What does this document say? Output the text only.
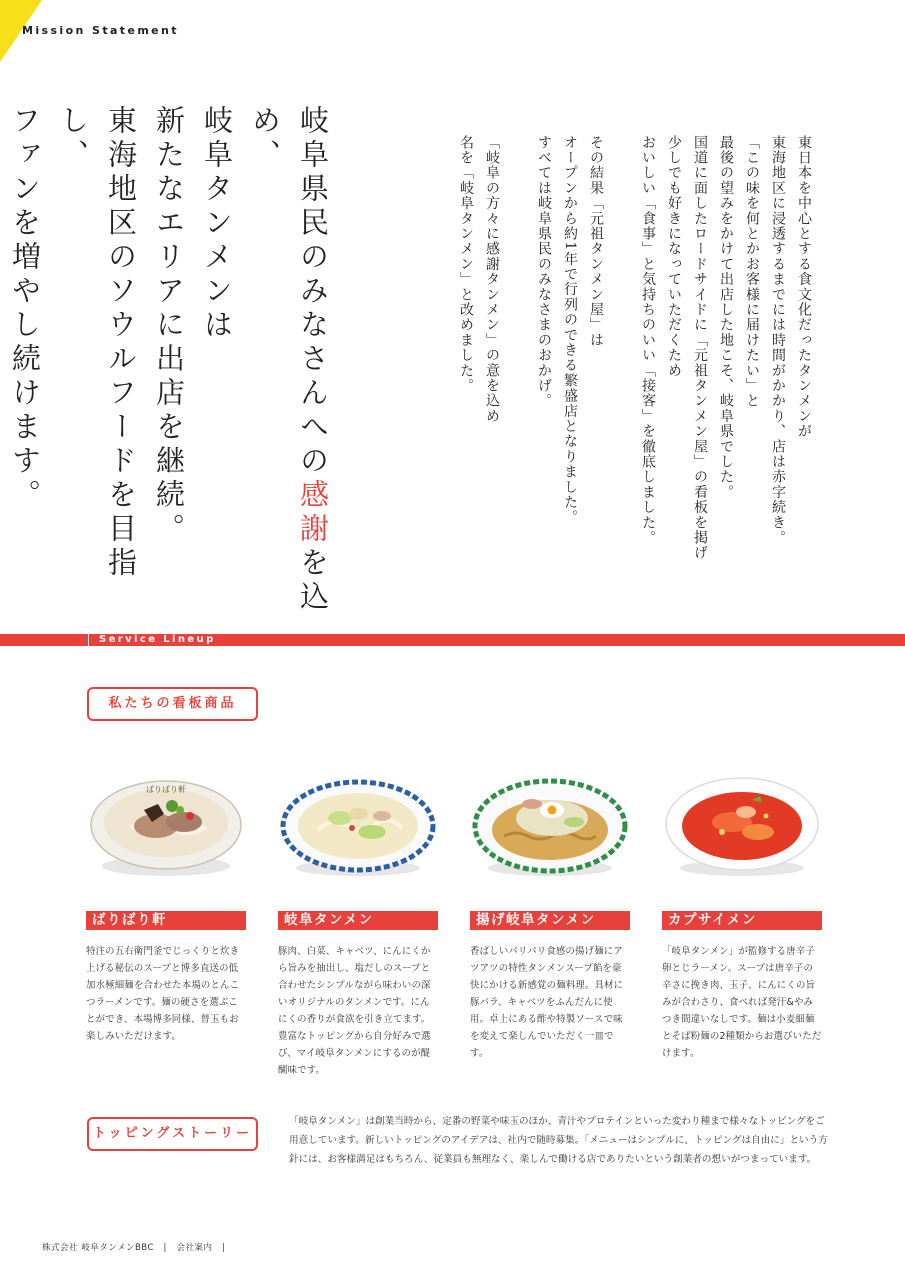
Mission Statement
岐阜県民のみなさんへの感謝を込め、
岐阜タンメンは
新たなエリアに出店を継続。
東海地区のソウルフードを目指し、
ファンを増やし続けます。	東日本を中心とする食文化だったタンメンが
東海地区に浸透するまでには時間がかかり、店は赤字続き。
「この味を何とかお客様に届けたい」と
最後の望みをかけて出店した地こそ、岐阜県でした。
国道に面したロードサイドに「元祖タンメン屋」の看板を掲げ
少しでも好きになっていただくため
おいしい「食事」と気持ちのいい「接客」を徹底しました。
その結果「元祖タンメン屋」は
オープンから約1年で行列のできる繁盛店となりました。
すべては岐阜県民のみなさまのおかげ。
「岐阜の方々に感謝タンメン」の意を込め
名を「岐阜タンメン」と改めました。
Service Lineup
私たちの看板商品
ばりばり軒
ばりばり軒
特注の五右衛門釜でじっくりと炊き上げる秘伝のスープと博多直送の低加水極細麺を合わせた本場のとんこつラーメンです。麺の硬さを選ぶことができ、本場博多同様、替玉もお楽しみいただけます。
岐阜タンメン
豚肉、白菜、キャベツ、にんにくから旨みを抽出し、塩だしのスープと合わせたシンプルながら味わいの深いオリジナルのタンメンです。にんにくの香りが食欲を引き立てます。豊富なトッピングから自分好みで選び、マイ岐阜タンメンにするのが醍醐味です。
揚げ岐阜タンメン
香ばしいパリパリ食感の揚げ麺にアツアツの特性タンメンスープ餡を豪快にかける新感覚の麺料理。具材に豚バラ、キャベツをふんだんに使用。卓上にある酢や特製ソースで味を変えて楽しんでいただく一皿です。
カプサイメン
「岐阜タンメン」が監修する唐辛子卵とじラーメン。スープは唐辛子の辛さに挽き肉、玉子、にんにくの旨みが合わさり、食べれば発汗&やみつき間違いなしです。麺は小麦細麺とそば粉麺の2種類からお選びいただけます。
トッピングストーリー
「岐阜タンメン」は創業当時から、定番の野菜や味玉のほか、青汁やプロテインといった変わり種まで様々なトッピングをご用意しています。新しいトッピングのアイデアは、社内で随時募集。「メニューはシンプルに、トッピングは自由に」という方針には、お客様満足はもちろん、従業員も無理なく、楽しんで働ける店でありたいという創業者の想いがつまっています。
株式会社 岐阜タンメンBBC   |   会社案内   |
